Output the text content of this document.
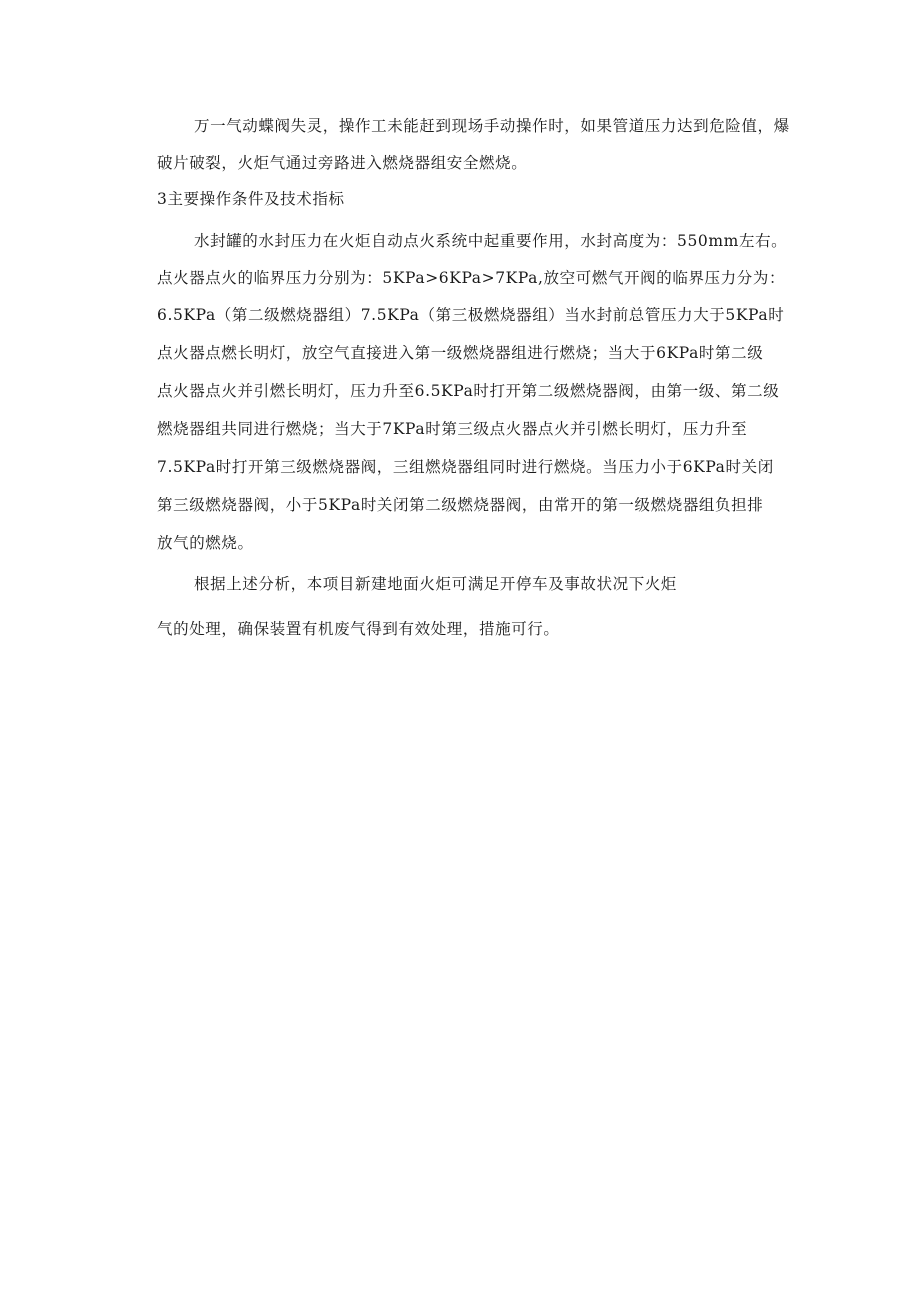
万一气动蝶阀失灵，操作工未能赶到现场手动操作时，如果管道压力达到危险值，爆
破片破裂，火炬气通过旁路进入燃烧器组安全燃烧。
3主要操作条件及技术指标
水封罐的水封压力在火炬自动点火系统中起重要作用，水封高度为：550mm左右。
点火器点火的临界压力分别为：5KPa>6KPa>7KPa,放空可燃气开阀的临界压力分为：
6.5KPa（第二级燃烧器组）7.5KPa（第三极燃烧器组）当水封前总管压力大于5KPa时
点火器点燃长明灯，放空气直接进入第一级燃烧器组进行燃烧；当大于6KPa时第二级
点火器点火并引燃长明灯，压力升至6.5KPa时打开第二级燃烧器阀，由第一级、第二级
燃烧器组共同进行燃烧；当大于7KPa时第三级点火器点火并引燃长明灯，压力升至
7.5KPa时打开第三级燃烧器阀，三组燃烧器组同时进行燃烧。当压力小于6KPa时关闭
第三级燃烧器阀，小于5KPa时关闭第二级燃烧器阀，由常开的第一级燃烧器组负担排
放气的燃烧。
根据上述分析，本项目新建地面火炬可满足开停车及事故状况下火炬
气的处理，确保装置有机废气得到有效处理，措施可行。
